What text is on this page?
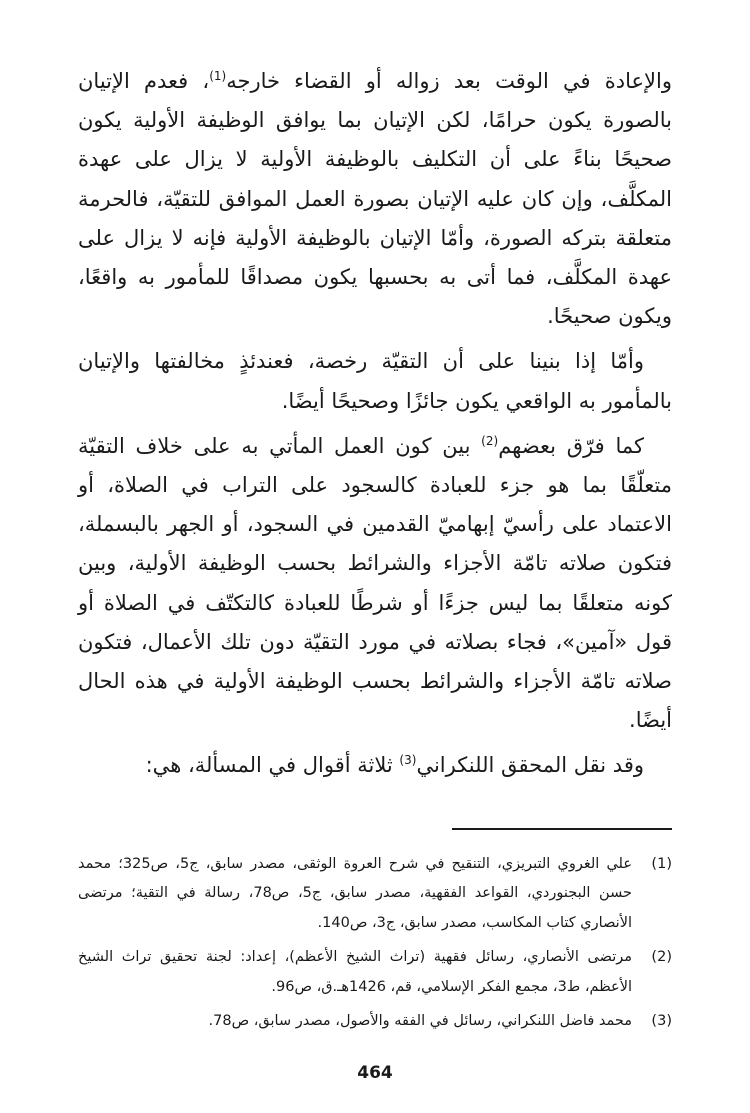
والإعادة في الوقت بعد زواله أو القضاء خارجه$^{(1)}$، فعدم الإتيان بالصورة يكون حرامًا، لكن الإتيان بما يوافق الوظيفة الأولية يكون صحيحًا بناءً على أن التكليف بالوظيفة الأولية لا يزال على عهدة المكلَّف، وإن كان عليه الإتيان بصورة العمل الموافق للتقيّة، فالحرمة متعلقة بتركه الصورة، وأمّا الإتيان بالوظيفة الأولية فإنه لا يزال على عهدة المكلَّف، فما أتى به بحسبها يكون مصداقًا للمأمور به واقعًا، ويكون صحيحًا.

وأمّا إذا بنينا على أن التقيّة رخصة، فعندئذٍ مخالفتها والإتيان بالمأمور به الواقعي يكون جائزًا وصحيحًا أيضًا.

كما فرّق بعضهم$^{(2)}$ بين كون العمل المأتي به على خلاف التقيّة متعلّقًا بما هو جزء للعبادة كالسجود على التراب في الصلاة، أو الاعتماد على رأسيّ إبهاميّ القدمين في السجود، أو الجهر بالبسملة، فتكون صلاته تامّة الأجزاء والشرائط بحسب الوظيفة الأولية، وبين كونه متعلقًا بما ليس جزءًا أو شرطًا للعبادة كالتكتّف في الصلاة أو قول «آمين»، فجاء بصلاته في مورد التقيّة دون تلك الأعمال، فتكون صلاته تامّة الأجزاء والشرائط بحسب الوظيفة الأولية في هذه الحال أيضًا.

وقد نقل المحقق اللنكراني$^{(3)}$ ثلاثة أقوال في المسألة، هي:

(1)
علي الغروي التبريزي، التنقيح في شرح العروة الوثقى، مصدر سابق، ج5، ص325؛ محمد حسن البجنوردي، القواعد الفقهية، مصدر سابق، ج5، ص78، رسالة في التقية؛ مرتضى الأنصاري كتاب المكاسب، مصدر سابق، ج3، ص140.
(2)
مرتضى الأنصاري، رسائل فقهية (تراث الشيخ الأعظم)، إعداد: لجنة تحقيق تراث الشيخ الأعظم، ط3، مجمع الفكر الإسلامي، قم، 1426هـ.ق، ص96.
(3)
محمد فاضل اللنكراني، رسائل في الفقه والأصول، مصدر سابق، ص78.
464
